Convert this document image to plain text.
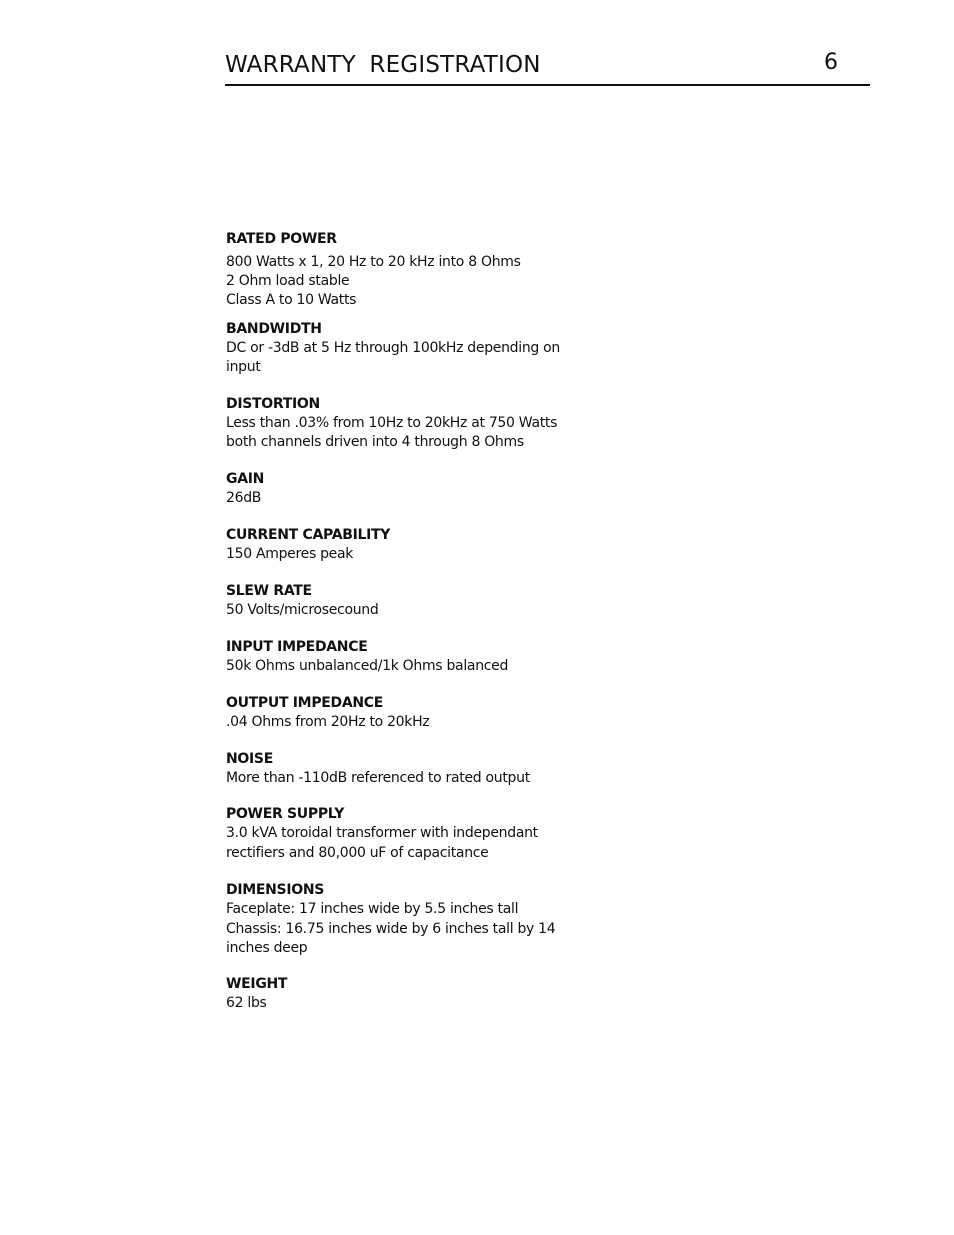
WARRANTY REGISTRATION	6
RATED POWER
800 Watts x 1, 20 Hz to 20 kHz into 8 Ohms
2 Ohm load stable
Class A to 10 Watts
BANDWIDTH
DC or -3dB at 5 Hz through 100kHz depending on
input
DISTORTION
Less than .03% from 10Hz to 20kHz at 750 Watts
both channels driven into 4 through 8 Ohms
GAIN
26dB
CURRENT CAPABILITY
150 Amperes peak
SLEW RATE
50 Volts/microsecound
INPUT IMPEDANCE
50k Ohms unbalanced/1k Ohms balanced
OUTPUT IMPEDANCE
.04 Ohms from 20Hz to 20kHz
NOISE
More than -110dB referenced to rated output
POWER SUPPLY
3.0 kVA toroidal transformer with independant
rectifiers and 80,000 uF of capacitance
DIMENSIONS
Faceplate: 17 inches wide by 5.5 inches tall
Chassis: 16.75 inches wide by 6 inches tall by 14
inches deep
WEIGHT
62 lbs
